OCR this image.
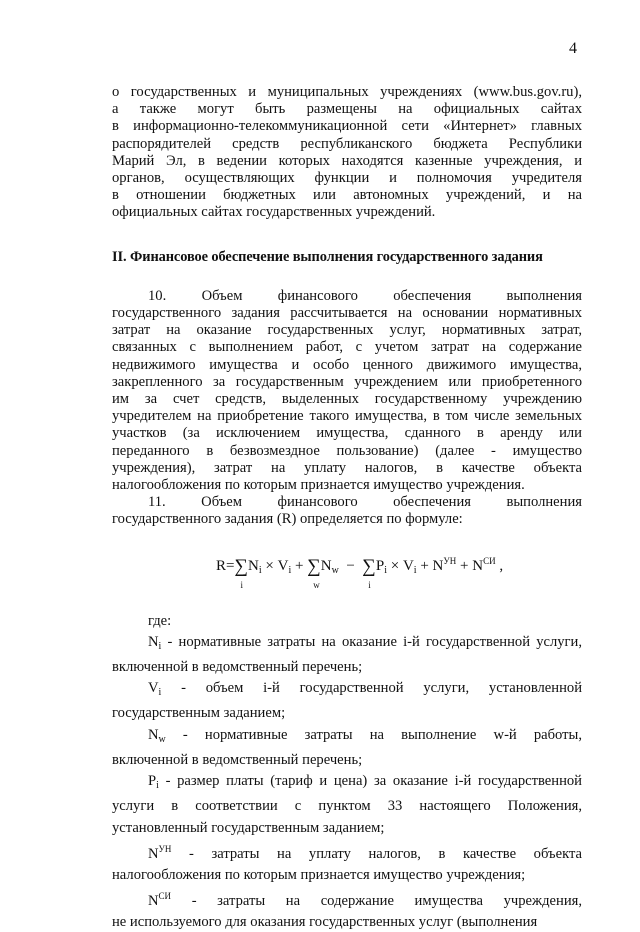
4
о государственных и муниципальных учреждениях (www.bus.gov.ru),
а также могут быть размещены на официальных сайтах
в информационно-телекоммуникационной сети «Интернет» главных
распорядителей средств республиканского бюджета Республики
Марий Эл, в ведении которых находятся казенные учреждения, и
органов, осуществляющих функции и полномочия учредителя
в отношении бюджетных или автономных учреждений, и на
официальных сайтах государственных учреждений.
II. Финансовое обеспечение выполнения государственного задания
10. Объем финансового обеспечения выполнения
государственного задания рассчитывается на основании нормативных
затрат на оказание государственных услуг, нормативных затрат,
связанных с выполнением работ, с учетом затрат на содержание
недвижимого имущества и особо ценного движимого имущества,
закрепленного за государственным учреждением или приобретенного
им за счет средств, выделенных государственному учреждению
учредителем на приобретение такого имущества, в том числе земельных
участков (за исключением имущества, сданного в аренду или
переданного в безвозмездное пользование) (далее - имущество
учреждения), затрат на уплату налогов, в качестве объекта
налогообложения по которым признается имущество учреждения.
11. Объем финансового обеспечения выполнения
государственного задания (R) определяется по формуле:
R=∑
i
Ni × Vi + ∑
w
Nw − ∑
i
Pi × Vi + NУН + NСИ ,
где:
$N_i$ - нормативные затраты на оказание i-й государственной услуги,
включенной в ведомственный перечень;
$V_i$ - объем i-й государственной услуги, установленной
государственным заданием;
$N_w$ - нормативные затраты на выполнение w-й работы,
включенной в ведомственный перечень;
$P_i$ - размер платы (тариф и цена) за оказание i-й государственной
услуги в соответствии с пунктом 33 настоящего Положения,
установленный государственным заданием;
$N^{УН}$ - затраты на уплату налогов, в качестве объекта
налогообложения по которым признается имущество учреждения;
$N^{СИ}$ - затраты на содержание имущества учреждения,
не используемого для оказания государственных услуг (выполнения
